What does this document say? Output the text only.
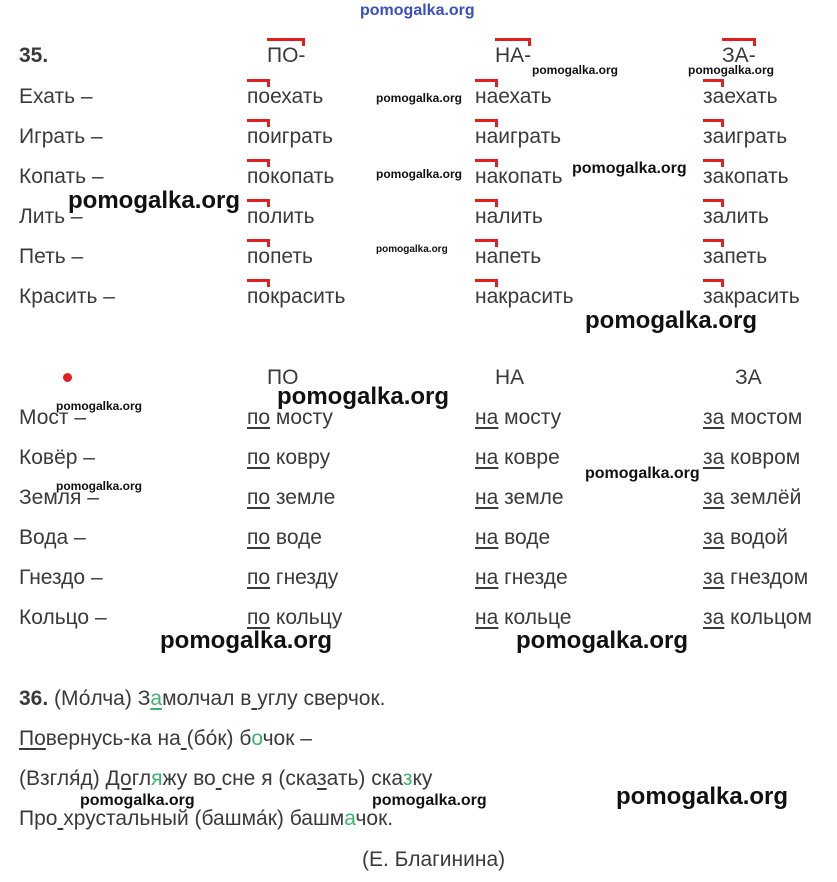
pomogalka.org
35.	ПО-	НА-	ЗА-
Ехать –	поехать	наехать	заехать
Играть –	поиграть	наиграть	заиграть
Копать –	покопать	накопать	закопать
Лить –	полить	налить	залить
Петь –	попеть	напеть	запеть
Красить –	покрасить	накрасить	закрасить
ПО	НА	ЗА
Мост –	по мосту	на мосту	за мостом
Ковёр –	по ковру	на ковре	за ковром
Земля –	по земле	на земле	за землёй
Вода –	по воде	на воде	за водой
Гнездо –	по гнезду	на гнезде	за гнездом
Кольцо –	по кольцу	на кольце	за кольцом
36. (Мо́лча) Замолчал в углу сверчок.
Повернусь-ка на (бо́к) бочок –
(Взгля́д) Догляжу во сне я (сказать) сказку
Про хрустальный (башма́к) башмачок.
(Е. Благинина)
pomogalka.org
pomogalka.org	pomogalka.org
pomogalka.org	pomogalka.org
pomogalka.org
pomogalka.org
pomogalka.org
pomogalka.org
pomogalka.org
pomogalka.org
pomogalka.org
pomogalka.org	pomogalka.org
pomogalka.org	pomogalka.org	pomogalka.org
